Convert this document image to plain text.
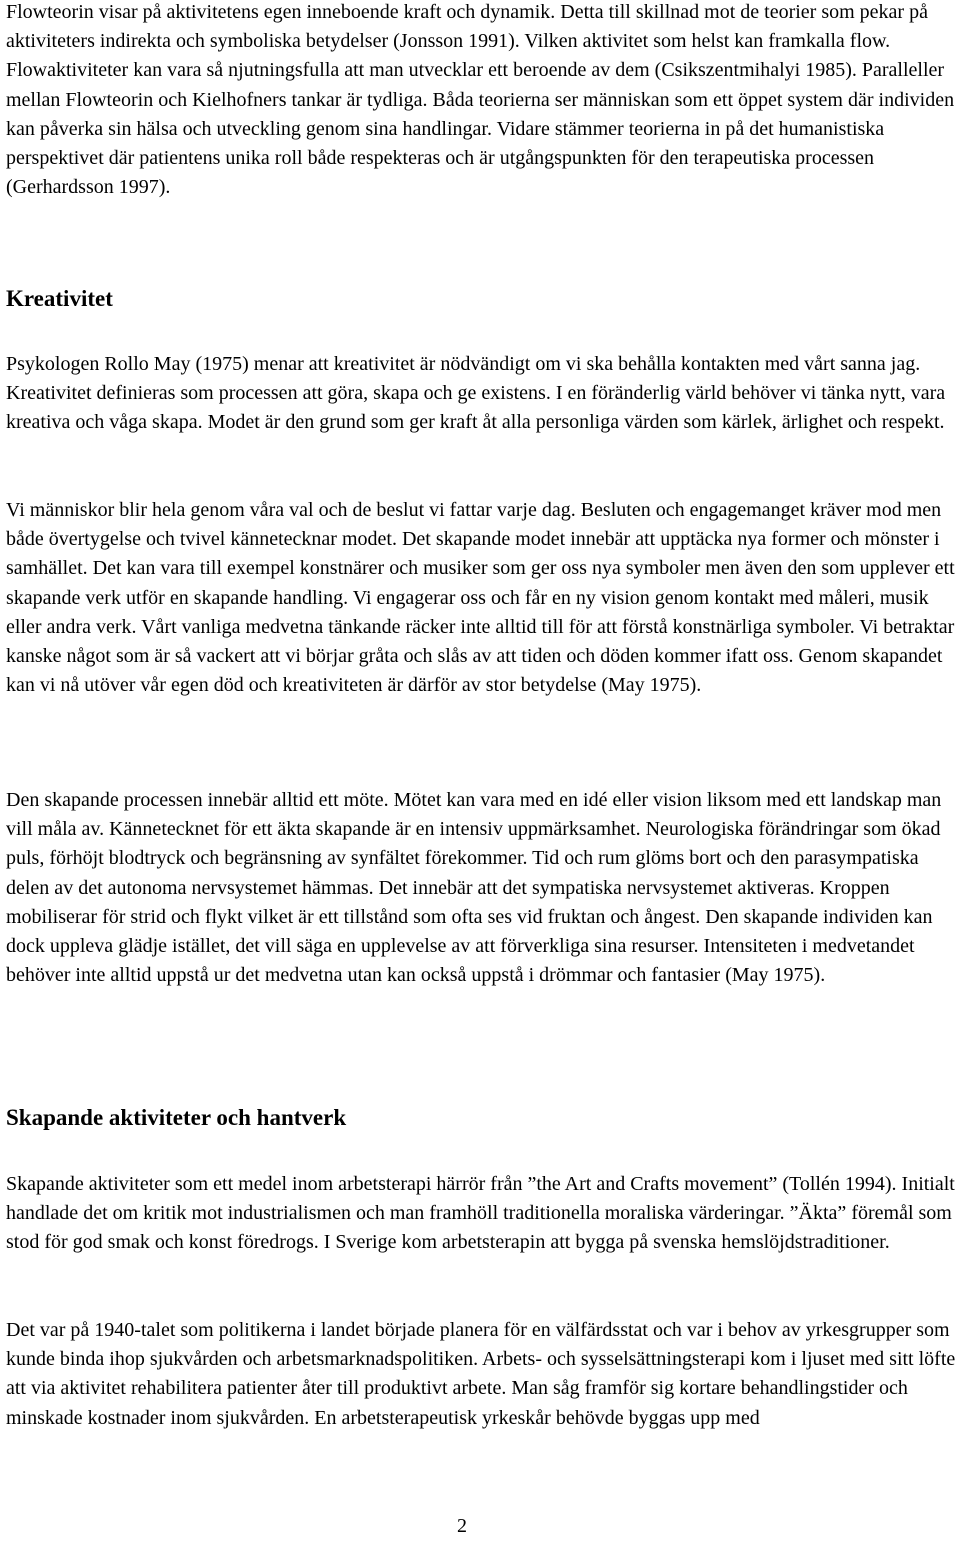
Flowteorin visar på aktivitetens egen inneboende kraft och dynamik. Detta till skillnad mot de teorier som pekar på aktiviteters indirekta och symboliska betydelser (Jonsson 1991). Vilken aktivitet som helst kan framkalla flow. Flowaktiviteter kan vara så njutningsfulla att man utvecklar ett beroende av dem (Csikszentmihalyi 1985). Paralleller mellan Flowteorin och Kielhofners tankar är tydliga. Båda teorierna ser människan som ett öppet system där individen kan påverka sin hälsa och utveckling genom sina handlingar. Vidare stämmer teorierna in på det humanistiska perspektivet där patientens unika roll både respekteras och är utgångspunkten för den terapeutiska processen (Gerhardsson 1997).

Kreativitet

Psykologen Rollo May (1975) menar att kreativitet är nödvändigt om vi ska behålla kontakten med vårt sanna jag. Kreativitet definieras som processen att göra, skapa och ge existens. I en föränderlig värld behöver vi tänka nytt, vara kreativa och våga skapa. Modet är den grund som ger kraft åt alla personliga värden som kärlek, ärlighet och respekt.

Vi människor blir hela genom våra val och de beslut vi fattar varje dag. Besluten och engagemanget kräver mod men både övertygelse och tvivel kännetecknar modet. Det skapande modet innebär att upptäcka nya former och mönster i samhället. Det kan vara till exempel konstnärer och musiker som ger oss nya symboler men även den som upplever ett skapande verk utför en skapande handling. Vi engagerar oss och får en ny vision genom kontakt med måleri, musik eller andra verk. Vårt vanliga medvetna tänkande räcker inte alltid till för att förstå konstnärliga symboler. Vi betraktar kanske något som är så vackert att vi börjar gråta och slås av att tiden och döden kommer ifatt oss. Genom skapandet kan vi nå utöver vår egen död och kreativiteten är därför av stor betydelse (May 1975).

Den skapande processen innebär alltid ett möte. Mötet kan vara med en idé eller vision liksom med ett landskap man vill måla av. Kännetecknet för ett äkta skapande är en intensiv uppmärksamhet. Neurologiska förändringar som ökad puls, förhöjt blodtryck och begränsning av synfältet förekommer. Tid och rum glöms bort och den parasympatiska delen av det autonoma nervsystemet hämmas. Det innebär att det sympatiska nervsystemet aktiveras. Kroppen mobiliserar för strid och flykt vilket är ett tillstånd som ofta ses vid fruktan och ångest. Den skapande individen kan dock uppleva glädje istället, det vill säga en upplevelse av att förverkliga sina resurser. Intensiteten i medvetandet behöver inte alltid uppstå ur det medvetna utan kan också uppstå i drömmar och fantasier (May 1975).

Skapande aktiviteter och hantverk

Skapande aktiviteter som ett medel inom arbetsterapi härrör från ”the Art and Crafts movement” (Tollén 1994). Initialt handlade det om kritik mot industrialismen och man framhöll traditionella moraliska värderingar. ”Äkta” föremål som stod för god smak och konst föredrogs. I Sverige kom arbetsterapin att bygga på svenska hemslöjdstraditioner.

Det var på 1940-talet som politikerna i landet började planera för en välfärdsstat och var i behov av yrkesgrupper som kunde binda ihop sjukvården och arbetsmarknadspolitiken. Arbets- och sysselsättningsterapi kom i ljuset med sitt löfte att via aktivitet rehabilitera patienter åter till produktivt arbete. Man såg framför sig kortare behandlingstider och minskade kostnader inom sjukvården. En arbetsterapeutisk yrkeskår behövde byggas upp med

2
